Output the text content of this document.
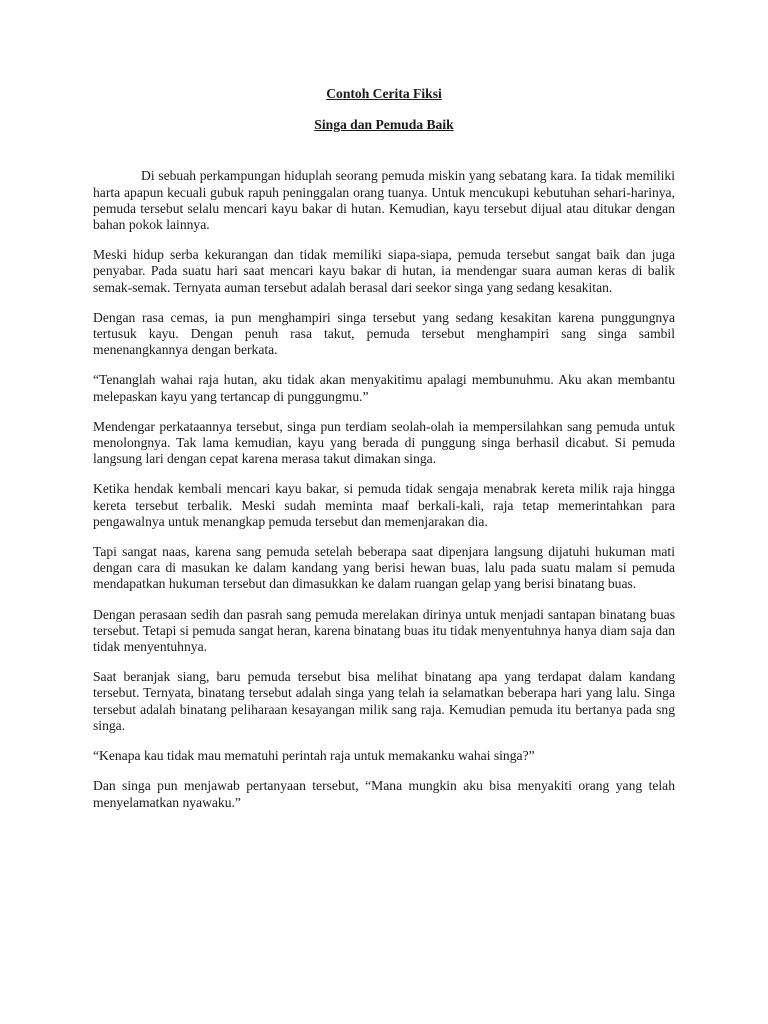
Contoh Cerita Fiksi

Singa dan Pemuda Baik

Di sebuah perkampungan hiduplah seorang pemuda miskin yang sebatang kara. Ia tidak memiliki harta apapun kecuali gubuk rapuh peninggalan orang tuanya. Untuk mencukupi kebutuhan sehari-harinya, pemuda tersebut selalu mencari kayu bakar di hutan. Kemudian, kayu tersebut dijual atau ditukar dengan bahan pokok lainnya.

Meski hidup serba kekurangan dan tidak memiliki siapa-siapa, pemuda tersebut sangat baik dan juga penyabar. Pada suatu hari saat mencari kayu bakar di hutan, ia mendengar suara auman keras di balik semak-semak. Ternyata auman tersebut adalah berasal dari seekor singa yang sedang kesakitan.

Dengan rasa cemas, ia pun menghampiri singa tersebut yang sedang kesakitan karena punggungnya tertusuk kayu. Dengan penuh rasa takut, pemuda tersebut menghampiri sang singa sambil menenangkannya dengan berkata.

“Tenanglah wahai raja hutan, aku tidak akan menyakitimu apalagi membunuhmu. Aku akan membantu melepaskan kayu yang tertancap di punggungmu.”

Mendengar perkataannya tersebut, singa pun terdiam seolah-olah ia mempersilahkan sang pemuda untuk menolongnya. Tak lama kemudian, kayu yang berada di punggung singa berhasil dicabut. Si pemuda langsung lari dengan cepat karena merasa takut dimakan singa.

Ketika hendak kembali mencari kayu bakar, si pemuda tidak sengaja menabrak kereta milik raja hingga kereta tersebut terbalik. Meski sudah meminta maaf berkali-kali, raja tetap memerintahkan para pengawalnya untuk menangkap pemuda tersebut dan memenjarakan dia.

Tapi sangat naas, karena sang pemuda setelah beberapa saat dipenjara langsung dijatuhi hukuman mati dengan cara di masukan ke dalam kandang yang berisi hewan buas, lalu pada suatu malam si pemuda mendapatkan hukuman tersebut dan dimasukkan ke dalam ruangan gelap yang berisi binatang buas.

Dengan perasaan sedih dan pasrah sang pemuda merelakan dirinya untuk menjadi santapan binatang buas tersebut. Tetapi si pemuda sangat heran, karena binatang buas itu tidak menyentuhnya hanya diam saja dan tidak menyentuhnya.

Saat beranjak siang, baru pemuda tersebut bisa melihat binatang apa yang terdapat dalam kandang tersebut. Ternyata, binatang tersebut adalah singa yang telah ia selamatkan beberapa hari yang lalu. Singa tersebut adalah binatang peliharaan kesayangan milik sang raja. Kemudian pemuda itu bertanya pada sng singa.

“Kenapa kau tidak mau mematuhi perintah raja untuk memakanku wahai singa?”

Dan singa pun menjawab pertanyaan tersebut, “Mana mungkin aku bisa menyakiti orang yang telah menyelamatkan nyawaku.”
